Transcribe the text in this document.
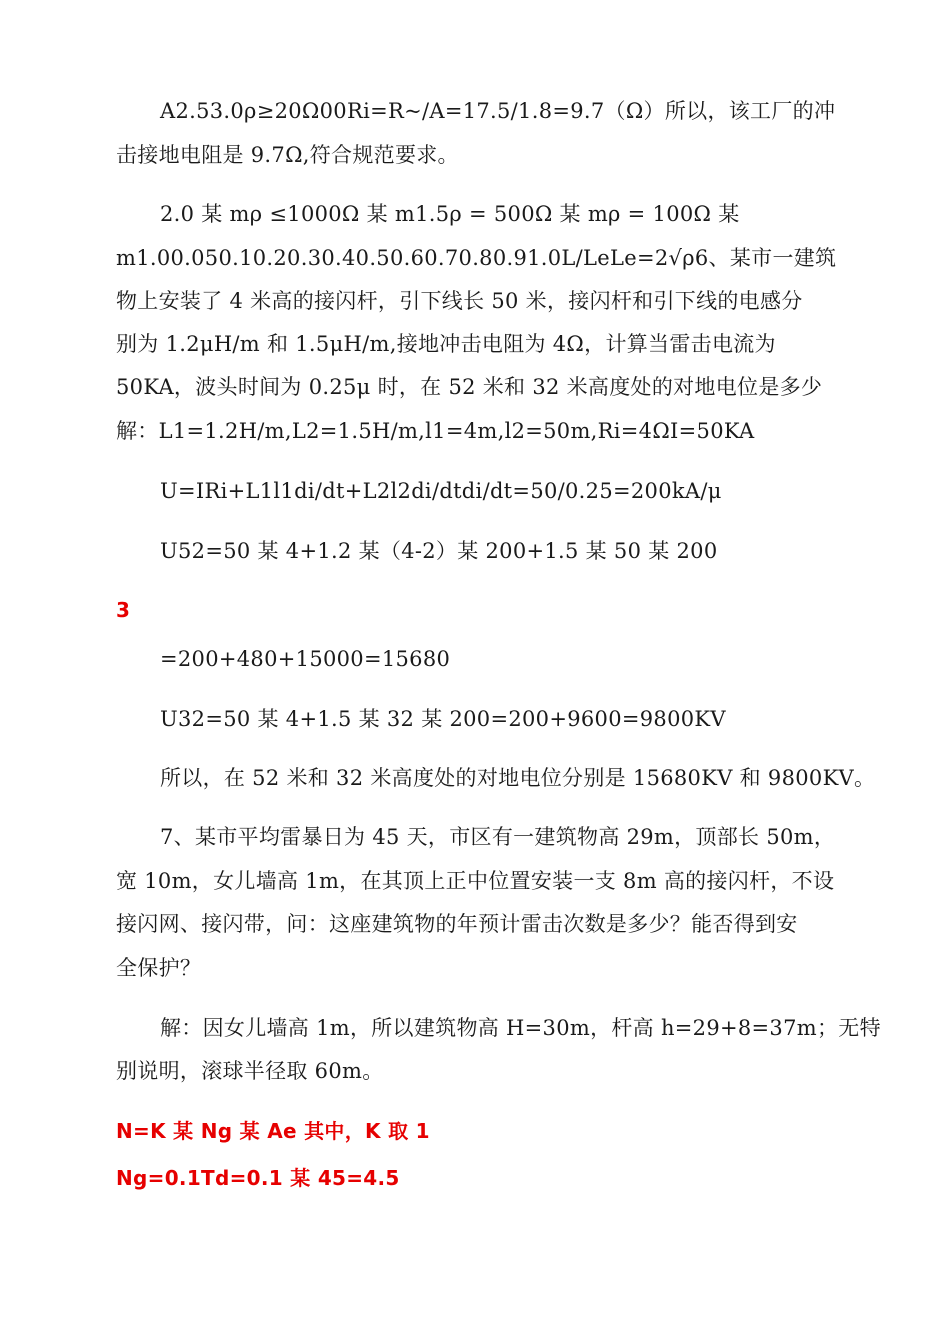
A2.53.0ρ≥20Ω00Ri=R~/A=17.5/1.8=9.7（Ω）所以，该工厂的冲
击接地电阻是 9.7Ω,符合规范要求。
2.0 某 mρ ≤1000Ω 某 m1.5ρ = 500Ω 某 mρ = 100Ω 某
m1.00.050.10.20.30.40.50.60.70.80.91.0L/LeLe=2√ρ6、某市一建筑
物上安装了 4 米高的接闪杆，引下线长 50 米，接闪杆和引下线的电感分
别为 1.2μH/m 和 1.5μH/m,接地冲击电阻为 4Ω，计算当雷击电流为
50KA，波头时间为 0.25μ 时，在 52 米和 32 米高度处的对地电位是多少
解：L1=1.2H/m,L2=1.5H/m,l1=4m,l2=50m,Ri=4ΩI=50KA
U=IRi+L1l1di/dt+L2l2di/dtdi/dt=50/0.25=200kA/μ
U52=50 某 4+1.2 某（4-2）某 200+1.5 某 50 某 200
3
=200+480+15000=15680
U32=50 某 4+1.5 某 32 某 200=200+9600=9800KV
所以，在 52 米和 32 米高度处的对地电位分别是 15680KV 和 9800KV。
7、某市平均雷暴日为 45 天，市区有一建筑物高 29m，顶部长 50m，
宽 10m，女儿墙高 1m，在其顶上正中位置安装一支 8m 高的接闪杆，不设
接闪网、接闪带，问：这座建筑物的年预计雷击次数是多少？能否得到安
全保护？
解：因女儿墙高 1m，所以建筑物高 H=30m，杆高 h=29+8=37m；无特
别说明，滚球半径取 60m。
N=K 某 Ng 某 Ae 其中，K 取 1
Ng=0.1Td=0.1 某 45=4.5
